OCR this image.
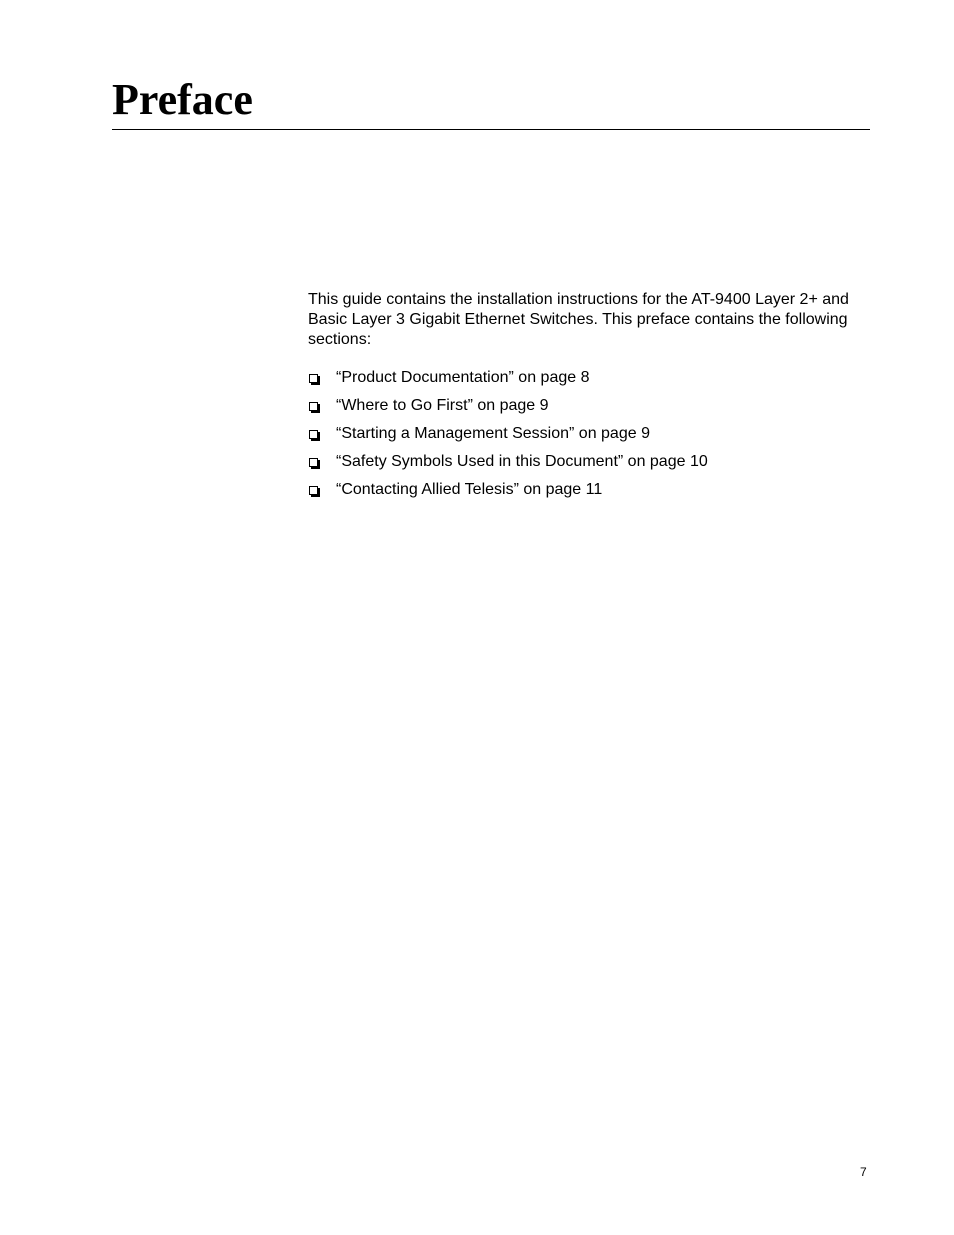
Preface

This guide contains the installation instructions for the AT-9400 Layer 2+ and Basic Layer 3 Gigabit Ethernet Switches. This preface contains the following sections:

“Product Documentation” on page 8
“Where to Go First” on page 9
“Starting a Management Session” on page 9
“Safety Symbols Used in this Document” on page 10
“Contacting Allied Telesis” on page 11
7
